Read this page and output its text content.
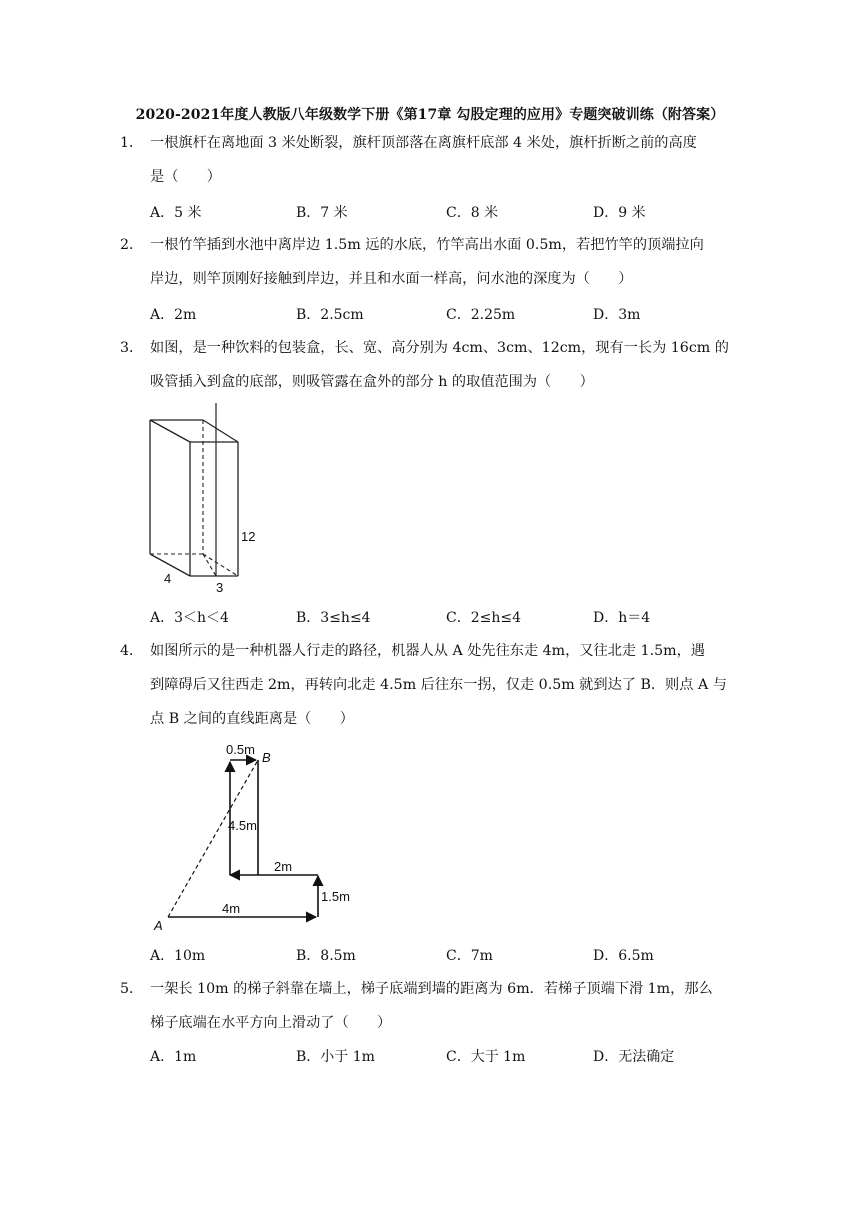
2020-2021年度人教版八年级数学下册《第17章 勾股定理的应用》专题突破训练（附答案）
1． 一根旗杆在离地面 3 米处断裂，旗杆顶部落在离旗杆底部 4 米处，旗杆折断之前的高度
是（　　）
A．5 米	B．7 米	C．8 米	D．9 米
2． 一根竹竿插到水池中离岸边 1.5m 远的水底，竹竿高出水面 0.5m，若把竹竿的顶端拉向
岸边，则竿顶刚好接触到岸边，并且和水面一样高，问水池的深度为（　　）
A．2m	B．2.5cm	C．2.25m	D．3m
3． 如图，是一种饮料的包装盒，长、宽、高分别为 4cm、3cm、12cm，现有一长为 16cm 的
吸管插入到盒的底部，则吸管露在盒外的部分 h 的取值范围为（　　）
12
4
3
A．3＜h＜4	B．3≤h≤4	C．2≤h≤4	D．h＝4
4． 如图所示的是一种机器人行走的路径，机器人从 A 处先往东走 4m，又往北走 1.5m，遇
到障碍后又往西走 2m，再转向北走 4.5m 后往东一拐，仅走 0.5m 就到达了 B．则点 A 与
点 B 之间的直线距离是（　　）
0.5m
B
4.5m
2m
1.5m
A
4m
A．10m	B．8.5m	C．7m	D．6.5m
5． 一架长 10m 的梯子斜靠在墙上，梯子底端到墙的距离为 6m．若梯子顶端下滑 1m，那么
梯子底端在水平方向上滑动了（　　）
A．1m	B．小于 1m	C．大于 1m	D．无法确定
